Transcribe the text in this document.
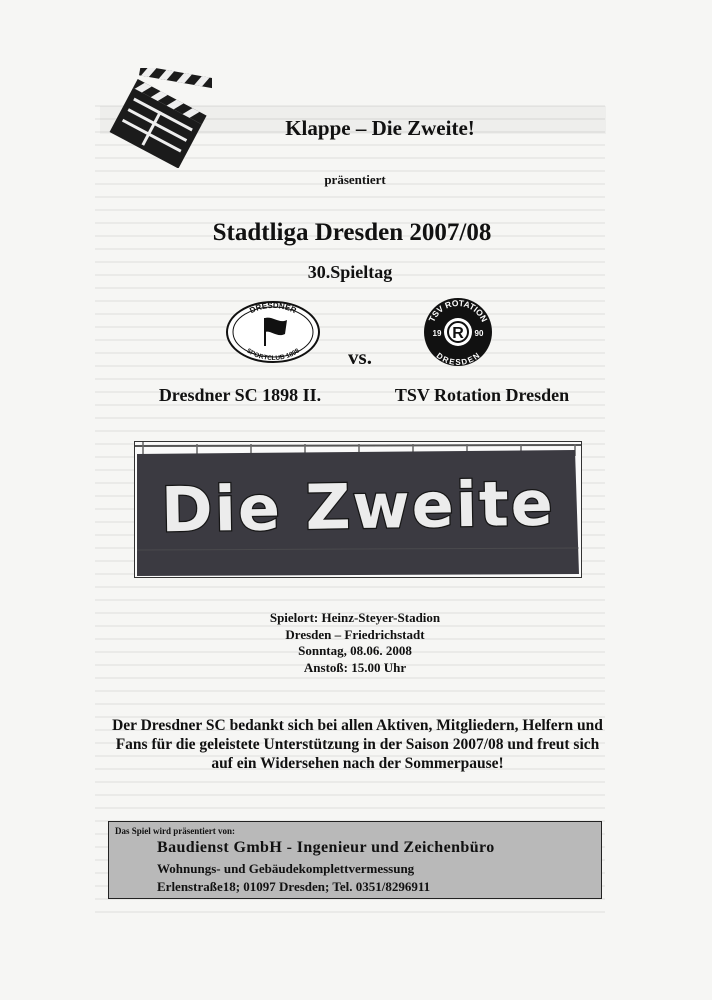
Klappe – Die Zweite!
präsentiert
Stadtliga Dresden 2007/08
30.Spieltag
DRESDNER
SPORTCLUB 1898	vs.
TSV ROTATION
DRESDEN
R
19	90
Dresdner SC 1898 II.	TSV Rotation Dresden
Die Zweite
Spielort: Heinz-Steyer-Stadion
Dresden – Friedrichstadt
Sonntag, 08.06. 2008
Anstoß: 15.00 Uhr
Der Dresdner SC bedankt sich bei allen Aktiven, Mitgliedern, Helfern und
Fans für die geleistete Unterstützung in der Saison 2007/08 und freut sich
auf ein Widersehen nach der Sommerpause!
Das Spiel wird präsentiert von:
Baudienst GmbH - Ingenieur und Zeichenbüro
Wohnungs- und Gebäudekomplettvermessung
Erlenstraße18; 01097 Dresden; Tel. 0351/8296911
